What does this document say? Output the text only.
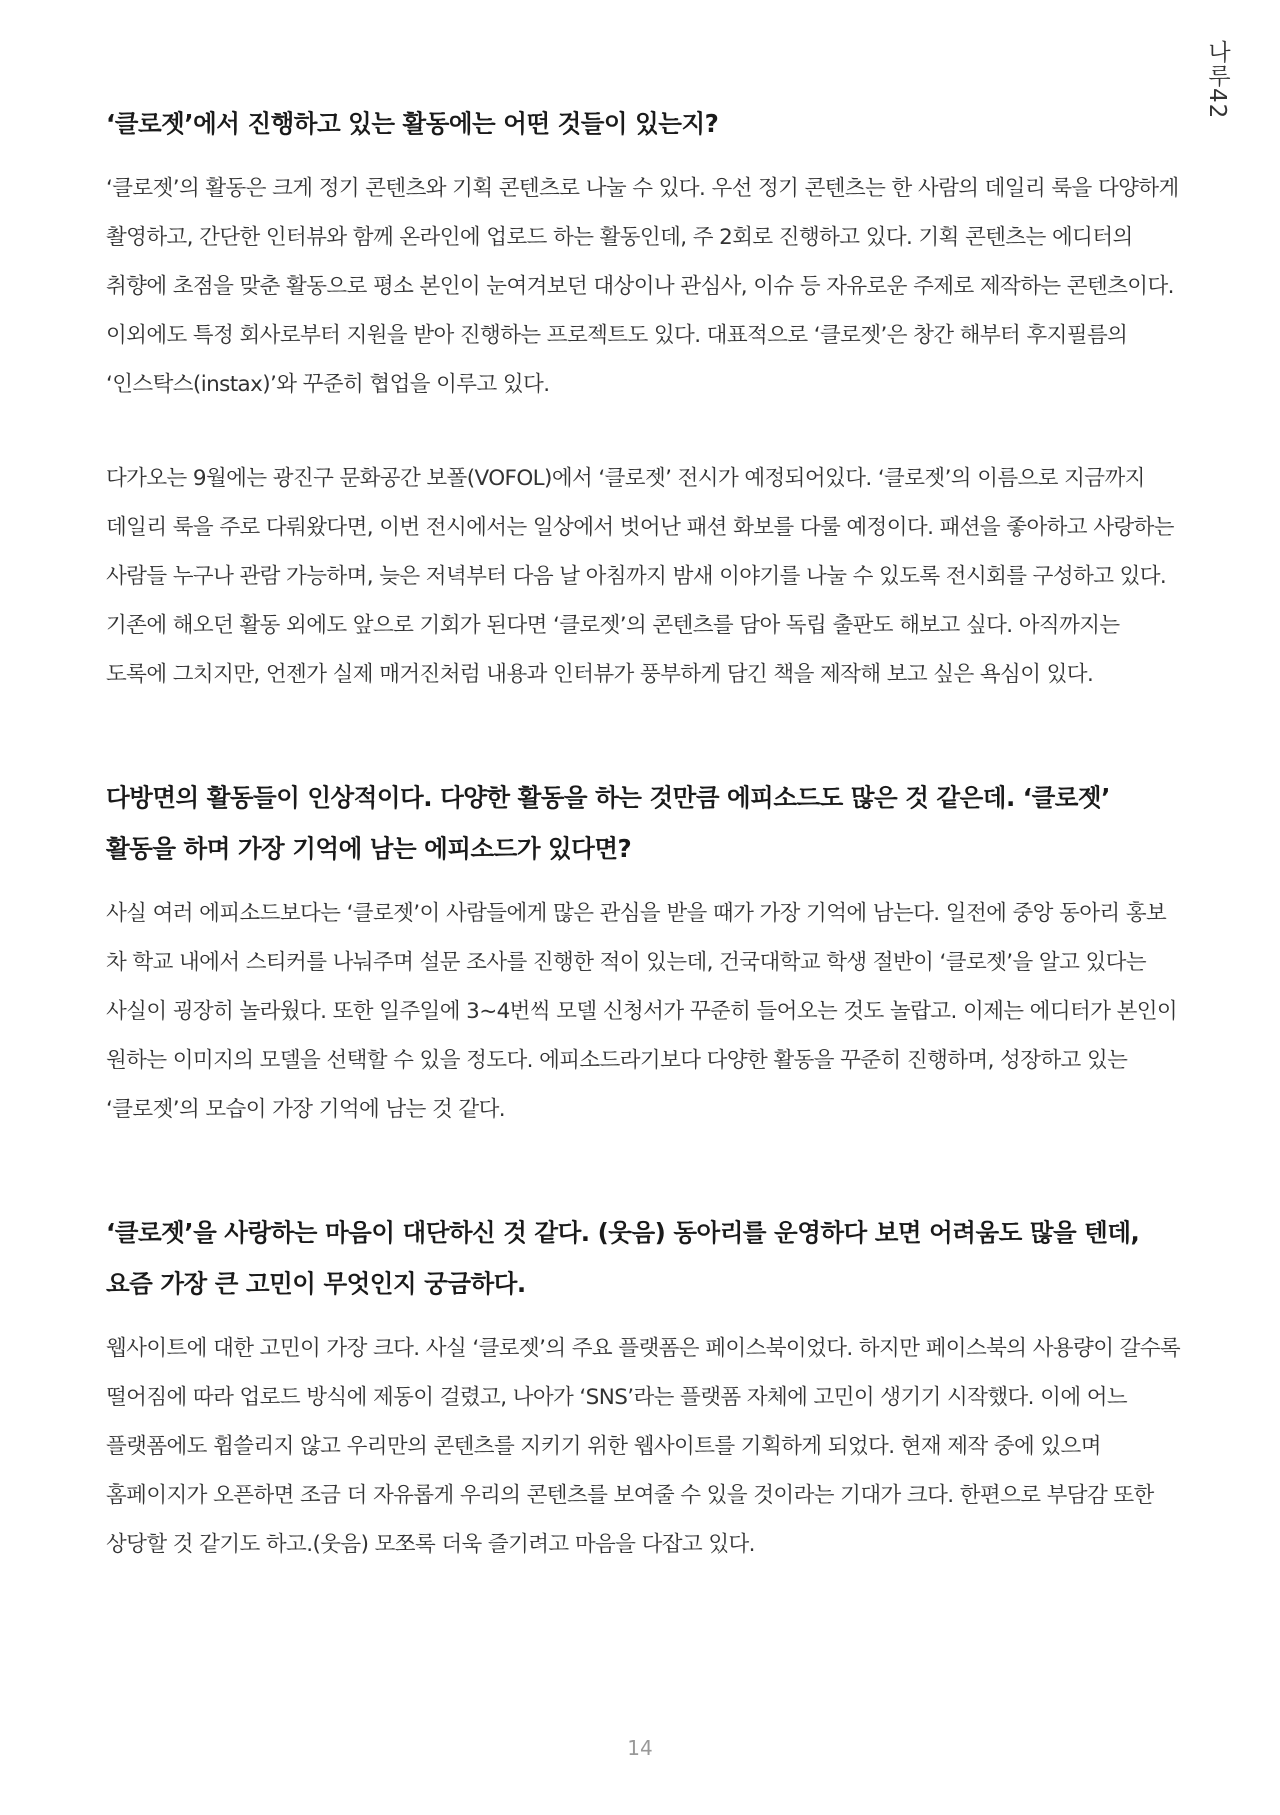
나루42

‘클로젯’에서 진행하고 있는 활동에는 어떤 것들이 있는지?

‘클로젯’의 활동은 크게 정기 콘텐츠와 기획 콘텐츠로 나눌 수 있다. 우선 정기 콘텐츠는 한 사람의 데일리 룩을 다양하게 촬영하고, 간단한 인터뷰와 함께 온라인에 업로드 하는 활동인데, 주 2회로 진행하고 있다. 기획 콘텐츠는 에디터의 취향에 초점을 맞춘 활동으로 평소 본인이 눈여겨보던 대상이나 관심사, 이슈 등 자유로운 주제로 제작하는 콘텐츠이다. 이외에도 특정 회사로부터 지원을 받아 진행하는 프로젝트도 있다. 대표적으로 ‘클로젯’은 창간 해부터 후지필름의 ‘인스탁스(instax)’와 꾸준히 협업을 이루고 있다.

다가오는 9월에는 광진구 문화공간 보폴(VOFOL)에서 ‘클로젯’ 전시가 예정되어있다. ‘클로젯’의 이름으로 지금까지 데일리 룩을 주로 다뤄왔다면, 이번 전시에서는 일상에서 벗어난 패션 화보를 다룰 예정이다. 패션을 좋아하고 사랑하는 사람들 누구나 관람 가능하며, 늦은 저녁부터 다음 날 아침까지 밤새 이야기를 나눌 수 있도록 전시회를 구성하고 있다. 기존에 해오던 활동 외에도 앞으로 기회가 된다면 ‘클로젯’의 콘텐츠를 담아 독립 출판도 해보고 싶다. 아직까지는 도록에 그치지만, 언젠가 실제 매거진처럼 내용과 인터뷰가 풍부하게 담긴 책을 제작해 보고 싶은 욕심이 있다.

다방면의 활동들이 인상적이다. 다양한 활동을 하는 것만큼 에피소드도 많은 것 같은데. ‘클로젯’ 활동을 하며 가장 기억에 남는 에피소드가 있다면?

사실 여러 에피소드보다는 ‘클로젯’이 사람들에게 많은 관심을 받을 때가 가장 기억에 남는다. 일전에 중앙 동아리 홍보 차 학교 내에서 스티커를 나눠주며 설문 조사를 진행한 적이 있는데, 건국대학교 학생 절반이 ‘클로젯’을 알고 있다는 사실이 굉장히 놀라웠다. 또한 일주일에 3~4번씩 모델 신청서가 꾸준히 들어오는 것도 놀랍고. 이제는 에디터가 본인이 원하는 이미지의 모델을 선택할 수 있을 정도다. 에피소드라기보다 다양한 활동을 꾸준히 진행하며, 성장하고 있는 ‘클로젯’의 모습이 가장 기억에 남는 것 같다.

‘클로젯’을 사랑하는 마음이 대단하신 것 같다. (웃음) 동아리를 운영하다 보면 어려움도 많을 텐데, 요즘 가장 큰 고민이 무엇인지 궁금하다.

웹사이트에 대한 고민이 가장 크다. 사실 ‘클로젯’의 주요 플랫폼은 페이스북이었다. 하지만 페이스북의 사용량이 갈수록 떨어짐에 따라 업로드 방식에 제동이 걸렸고, 나아가 ‘SNS’라는 플랫폼 자체에 고민이 생기기 시작했다. 이에 어느 플랫폼에도 휩쓸리지 않고 우리만의 콘텐츠를 지키기 위한 웹사이트를 기획하게 되었다. 현재 제작 중에 있으며 홈페이지가 오픈하면 조금 더 자유롭게 우리의 콘텐츠를 보여줄 수 있을 것이라는 기대가 크다. 한편으로 부담감 또한 상당할 것 같기도 하고.(웃음) 모쪼록 더욱 즐기려고 마음을 다잡고 있다.

14
